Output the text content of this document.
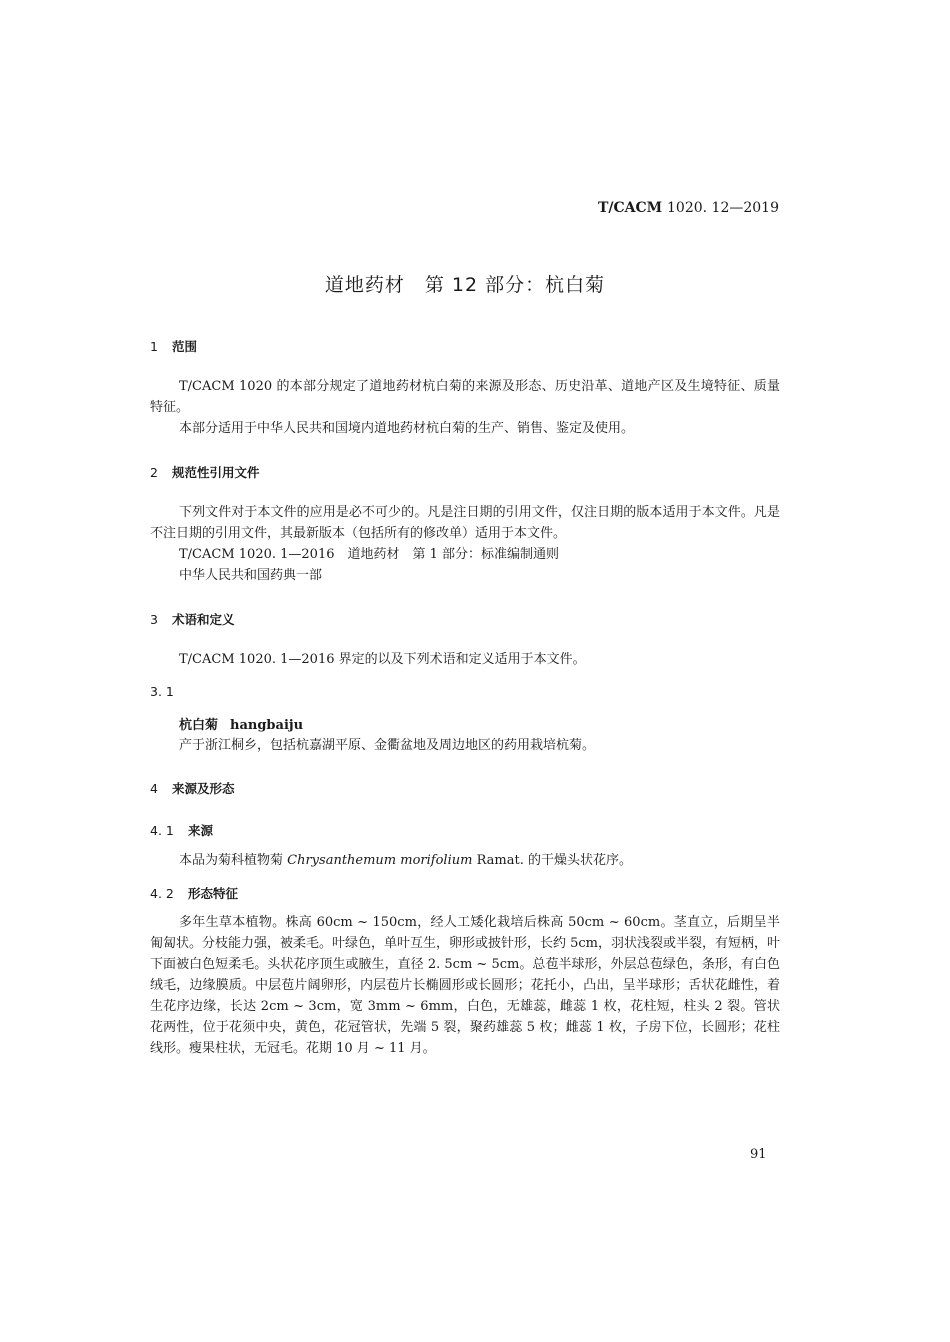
T/CACM 1020. 12—2019
道地药材　第 12 部分：杭白菊
1 范围
T/CACM 1020 的本部分规定了道地药材杭白菊的来源及形态、历史沿革、道地产区及生境特征、质量特征。
本部分适用于中华人民共和国境内道地药材杭白菊的生产、销售、鉴定及使用。
2 规范性引用文件
下列文件对于本文件的应用是必不可少的。凡是注日期的引用文件，仅注日期的版本适用于本文件。凡是不注日期的引用文件，其最新版本（包括所有的修改单）适用于本文件。
T/CACM 1020. 1—2016　道地药材　第 1 部分：标准编制通则
中华人民共和国药典一部
3 术语和定义
T/CACM 1020. 1—2016 界定的以及下列术语和定义适用于本文件。
3. 1
杭白菊 hangbaiju
产于浙江桐乡，包括杭嘉湖平原、金衢盆地及周边地区的药用栽培杭菊。
4 来源及形态
4. 1 来源
本品为菊科植物菊 Chrysanthemum morifolium Ramat. 的干燥头状花序。
4. 2 形态特征
多年生草本植物。株高 60cm ~ 150cm，经人工矮化栽培后株高 50cm ~ 60cm。茎直立，后期呈半匍匐状。分枝能力强，被柔毛。叶绿色，单叶互生，卵形或披针形，长约 5cm，羽状浅裂或半裂，有短柄，叶下面被白色短柔毛。头状花序顶生或腋生，直径 2. 5cm ~ 5cm。总苞半球形，外层总苞绿色，条形，有白色绒毛，边缘膜质。中层苞片阔卵形，内层苞片长椭圆形或长圆形；花托小，凸出，呈半球形；舌状花雌性，着生花序边缘，长达 2cm ~ 3cm，宽 3mm ~ 6mm，白色，无雄蕊，雌蕊 1 枚，花柱短，柱头 2 裂。管状花两性，位于花须中央，黄色，花冠管状，先端 5 裂，聚药雄蕊 5 枚；雌蕊 1 枚，子房下位，长圆形；花柱线形。瘦果柱状，无冠毛。花期 10 月 ~ 11 月。
91
